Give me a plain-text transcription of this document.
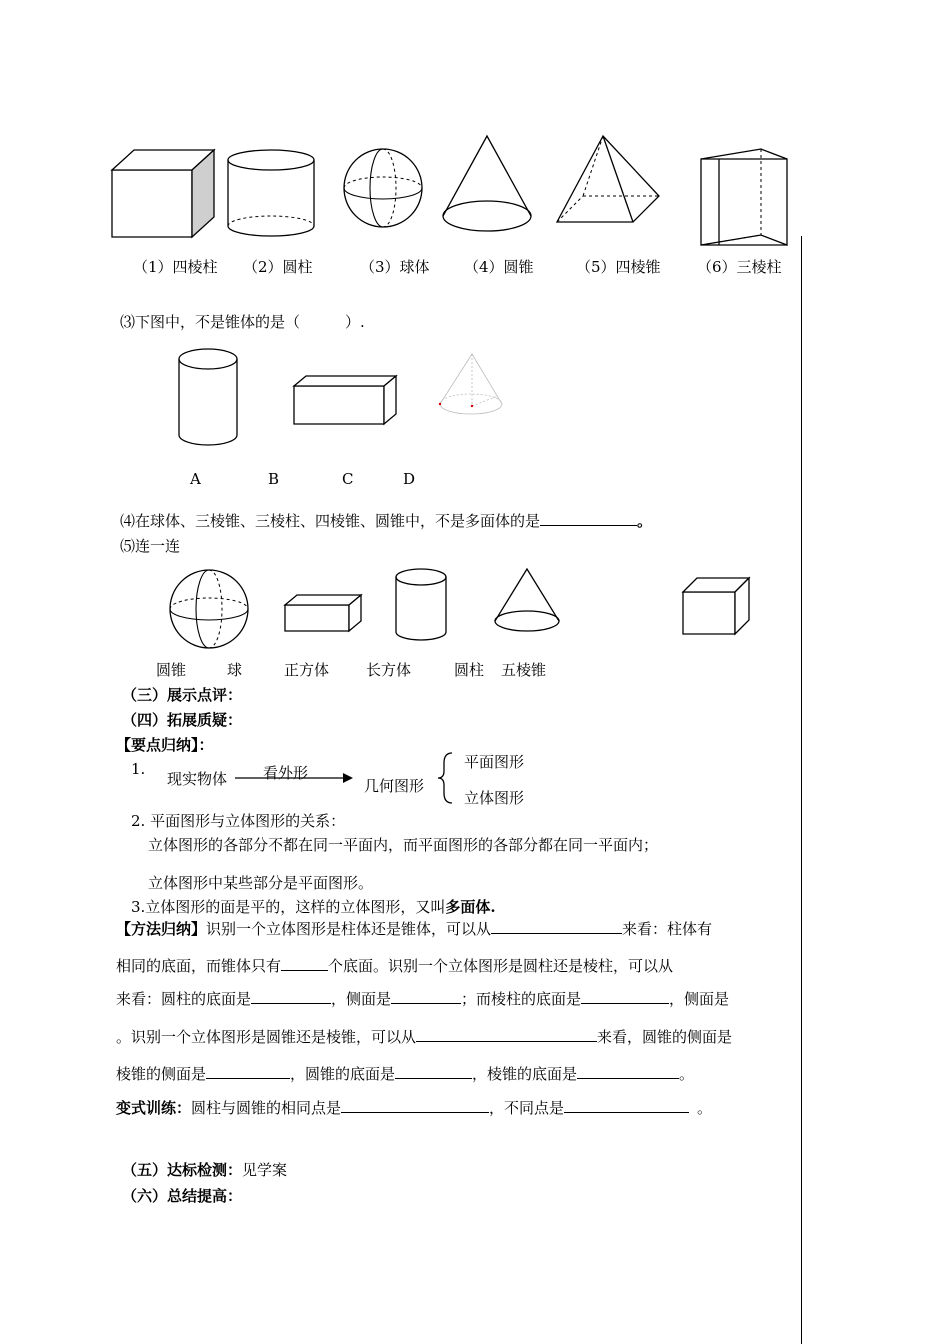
（1）四棱柱 （2）圆柱	（3）球体 （4）圆锥	（5）四棱锥 （6）三棱柱
⑶下图中，不是锥体的是（　　　）.
A	B	C	D
⑷在球体、三棱锥、三棱柱、四棱锥、圆锥中，不是多面体的是	。
⑸连一连
圆锥	球	正方体 长方体	圆柱 五棱锥
（三）展示点评：
（四）拓展质疑：
【要点归纳】：
1.
现实物体 看外形
几何图形
平面图形
立体图形
2. 平面图形与立体图形的关系：
立体图形的各部分不都在同一平面内，而平面图形的各部分都在同一平面内；
立体图形中某些部分是平面图形。
3.立体图形的面是平的，这样的立体图形，又叫多面体.
【方法归纳】识别一个立体图形是柱体还是锥体，可以从	来看：柱体有
相同的底面，而锥体只有	个底面。识别一个立体图形是圆柱还是棱柱，可以从
来看：圆柱的底面是	，侧面是	；而棱柱的底面是	，侧面是
。识别一个立体图形是圆锥还是棱锥，可以从	来看，圆锥的侧面是
棱锥的侧面是	，圆锥的底面是	，棱锥的底面是	。
变式训练：圆柱与圆锥的相同点是	，不同点是	。
（五）达标检测：见学案
（六）总结提高：
